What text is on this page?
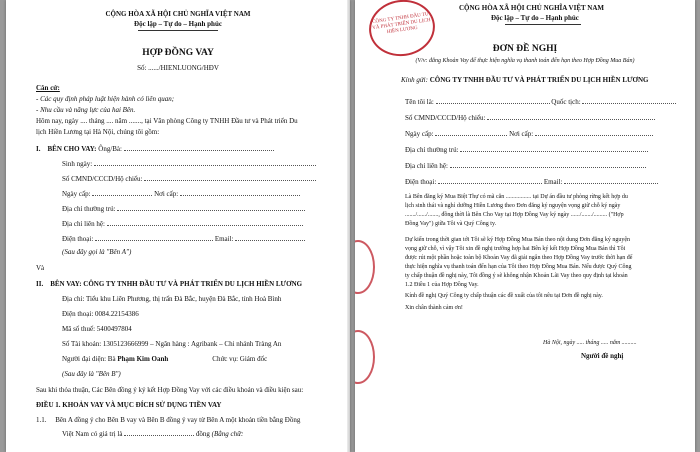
CỘNG HÒA XÃ HỘI CHỦ NGHĨA VIỆT NAM
Độc lập – Tự do – Hạnh phúc
HỢP ĐỒNG VAY
Số: ....../HIENLUONG/HĐV
Căn cứ:
- Các quy định pháp luật hiện hành có liên quan;
- Nhu cầu và năng lực của hai Bên.
Hôm nay, ngày .... tháng .... năm ......., tại Văn phòng Công ty TNHH Đầu tư và Phát triển Du
lịch Hiền Lương tại Hà Nội, chúng tôi gồm:
I. BÊN CHO VAY: Ông/Bà:
Sinh ngày:
Số CMND/CCCD/Hộ chiếu:
Ngày cấp:	Nơi cấp:
Địa chỉ thường trú:
Địa chỉ liên hệ:
Điện thoại:	Email:
(Sau đây gọi là "Bên A")
Và
II. BÊN VAY: CÔNG TY TNHH ĐẦU TƯ VÀ PHÁT TRIỂN DU LỊCH HIỀN LƯƠNG
Địa chỉ: Tiểu khu Liên Phương, thị trấn Đà Bắc, huyện Đà Bắc, tỉnh Hoà Bình
Điện thoại: 0084.22154386
Mã số thuế: 5400497804
Số Tài khoản: 1305123666999 – Ngân hàng : Agribank – Chi nhánh Tràng An
Người đại diện: Bà Phạm Kim Oanh	Chức vụ: Giám đốc
(Sau đây là "Bên B")
Sau khi thỏa thuận, Các Bên đồng ý ký kết Hợp Đồng Vay với các điều khoản và điều kiện sau:
ĐIỀU 1. KHOẢN VAY VÀ MỤC ĐÍCH SỬ DỤNG TIỀN VAY
1.1. Bên A đồng ý cho Bên B vay và Bên B đồng ý vay từ Bên A một khoản tiền bằng Đồng
Việt Nam có giá trị là	đồng (Bằng chữ:
CÔNG TY TNHH ĐẦU TƯ VÀ PHÁT TRIỂN DU LỊCH HIỀN LƯƠNG
CỘNG HÒA XÃ HỘI CHỦ NGHĨA VIỆT NAM
Độc lập – Tự do – Hạnh phúc
ĐƠN ĐỀ NGHỊ
(V/v: đăng Khoản Vay để thực hiện nghĩa vụ thanh toán đến hạn theo Hợp Đồng Mua Bán)
Kính gửi: CÔNG TY TNHH ĐẦU TƯ VÀ PHÁT TRIỂN DU LỊCH HIỀN LƯƠNG
Tên tôi là:	Quốc tịch:
Số CMND/CCCD/Hộ chiếu:
Ngày cấp:	Nơi cấp:
Địa chỉ thường trú:
Địa chỉ liên hệ:
Điện thoại:	Email:
Là Bên đăng ký Mua Biệt Thự có mã căn ................. tại Dự án đầu tư phòng rừng kết hợp du
lịch sinh thái và nghỉ dưỡng Hiền Lương theo Đơn đăng ký nguyện vọng giữ chỗ ký ngày
......./....../......., đồng thời là Bên Cho Vay tại Hợp Đồng Vay ký ngày ....../......./......... ("Hợp
Đồng Vay") giữa Tôi và Quý Công ty.
Dự kiến trong thời gian tới Tôi sẽ ký Hợp Đồng Mua Bán theo nội dung Đơn đăng ký nguyện
vọng giữ chỗ, vì vậy Tôi xin đề nghị trường hợp hai Bên ký kết Hợp Đồng Mua Bán thì Tôi
được rút một phần hoặc toàn bộ Khoản Vay đã giải ngân theo Hợp Đồng Vay trước thời hạn để
thực hiện nghĩa vụ thanh toán đến hạn của Tôi theo Hợp Đồng Mua Bán. Nếu được Quý Công
ty chấp thuận đề nghị này, Tôi đồng ý sẽ không nhận Khoản Lãi Vay theo quy định tại khoản
1.2 Điều 1 của Hợp Đồng Vay.
Kính đề nghị Quý Công ty chấp thuận các đề xuất của tôi nêu tại Đơn đề nghị này.
Xin chân thành cảm ơn!
Hà Nội, ngày ..... tháng ..... năm ..........
Người đề nghị
